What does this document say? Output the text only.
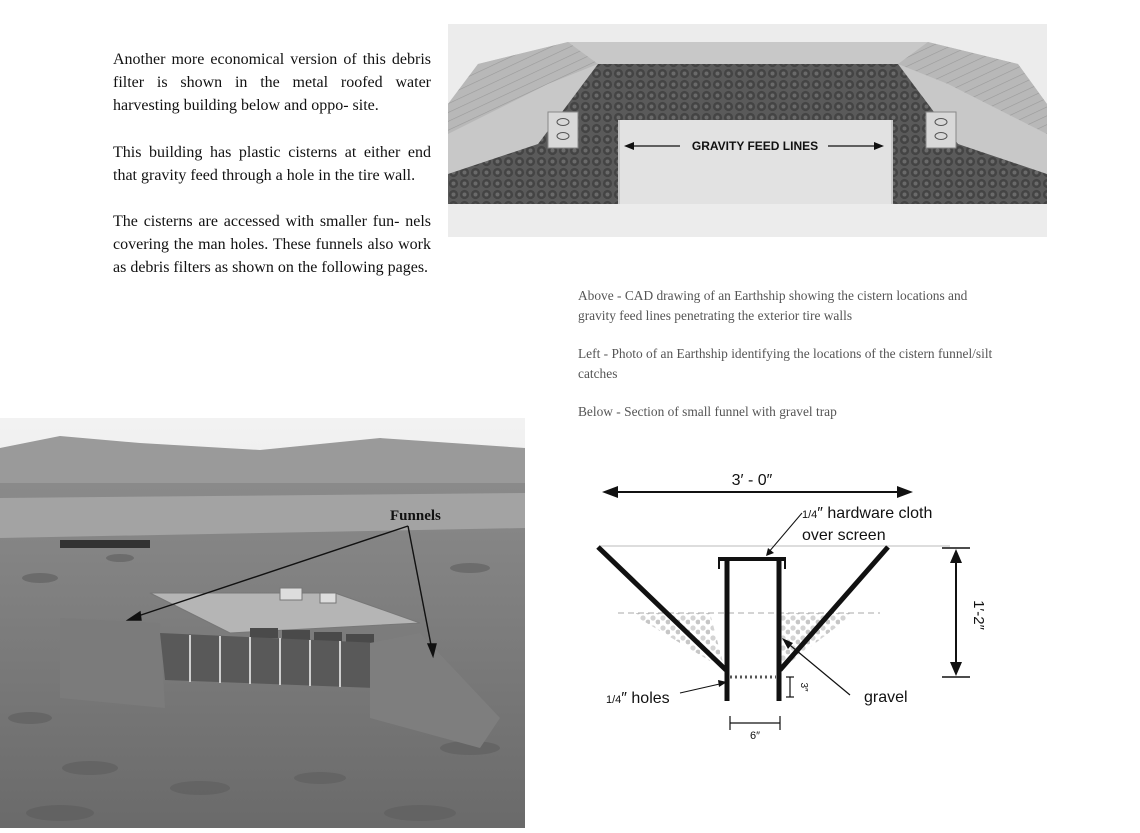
Another more economical version of this debris filter is shown in the metal roofed water harvesting building below and oppo- site.

This building has plastic cisterns at either end that gravity feed through a hole in the tire wall.

The cisterns are accessed with smaller fun- nels covering the man holes. These funnels also work as debris filters as shown on the following pages.

GRAVITY FEED LINES

Above - CAD drawing of an Earthship showing the cistern locations and gravity feed lines penetrating the exterior tire walls

Left - Photo of an Earthship identifying the locations of the cistern funnel/silt catches

Below - Section of small funnel with gravel trap

Funnels
3′ - 0″
1/4″ hardware cloth
over screen
1′-2″
gravel
1/4″ holes
3″
6″
